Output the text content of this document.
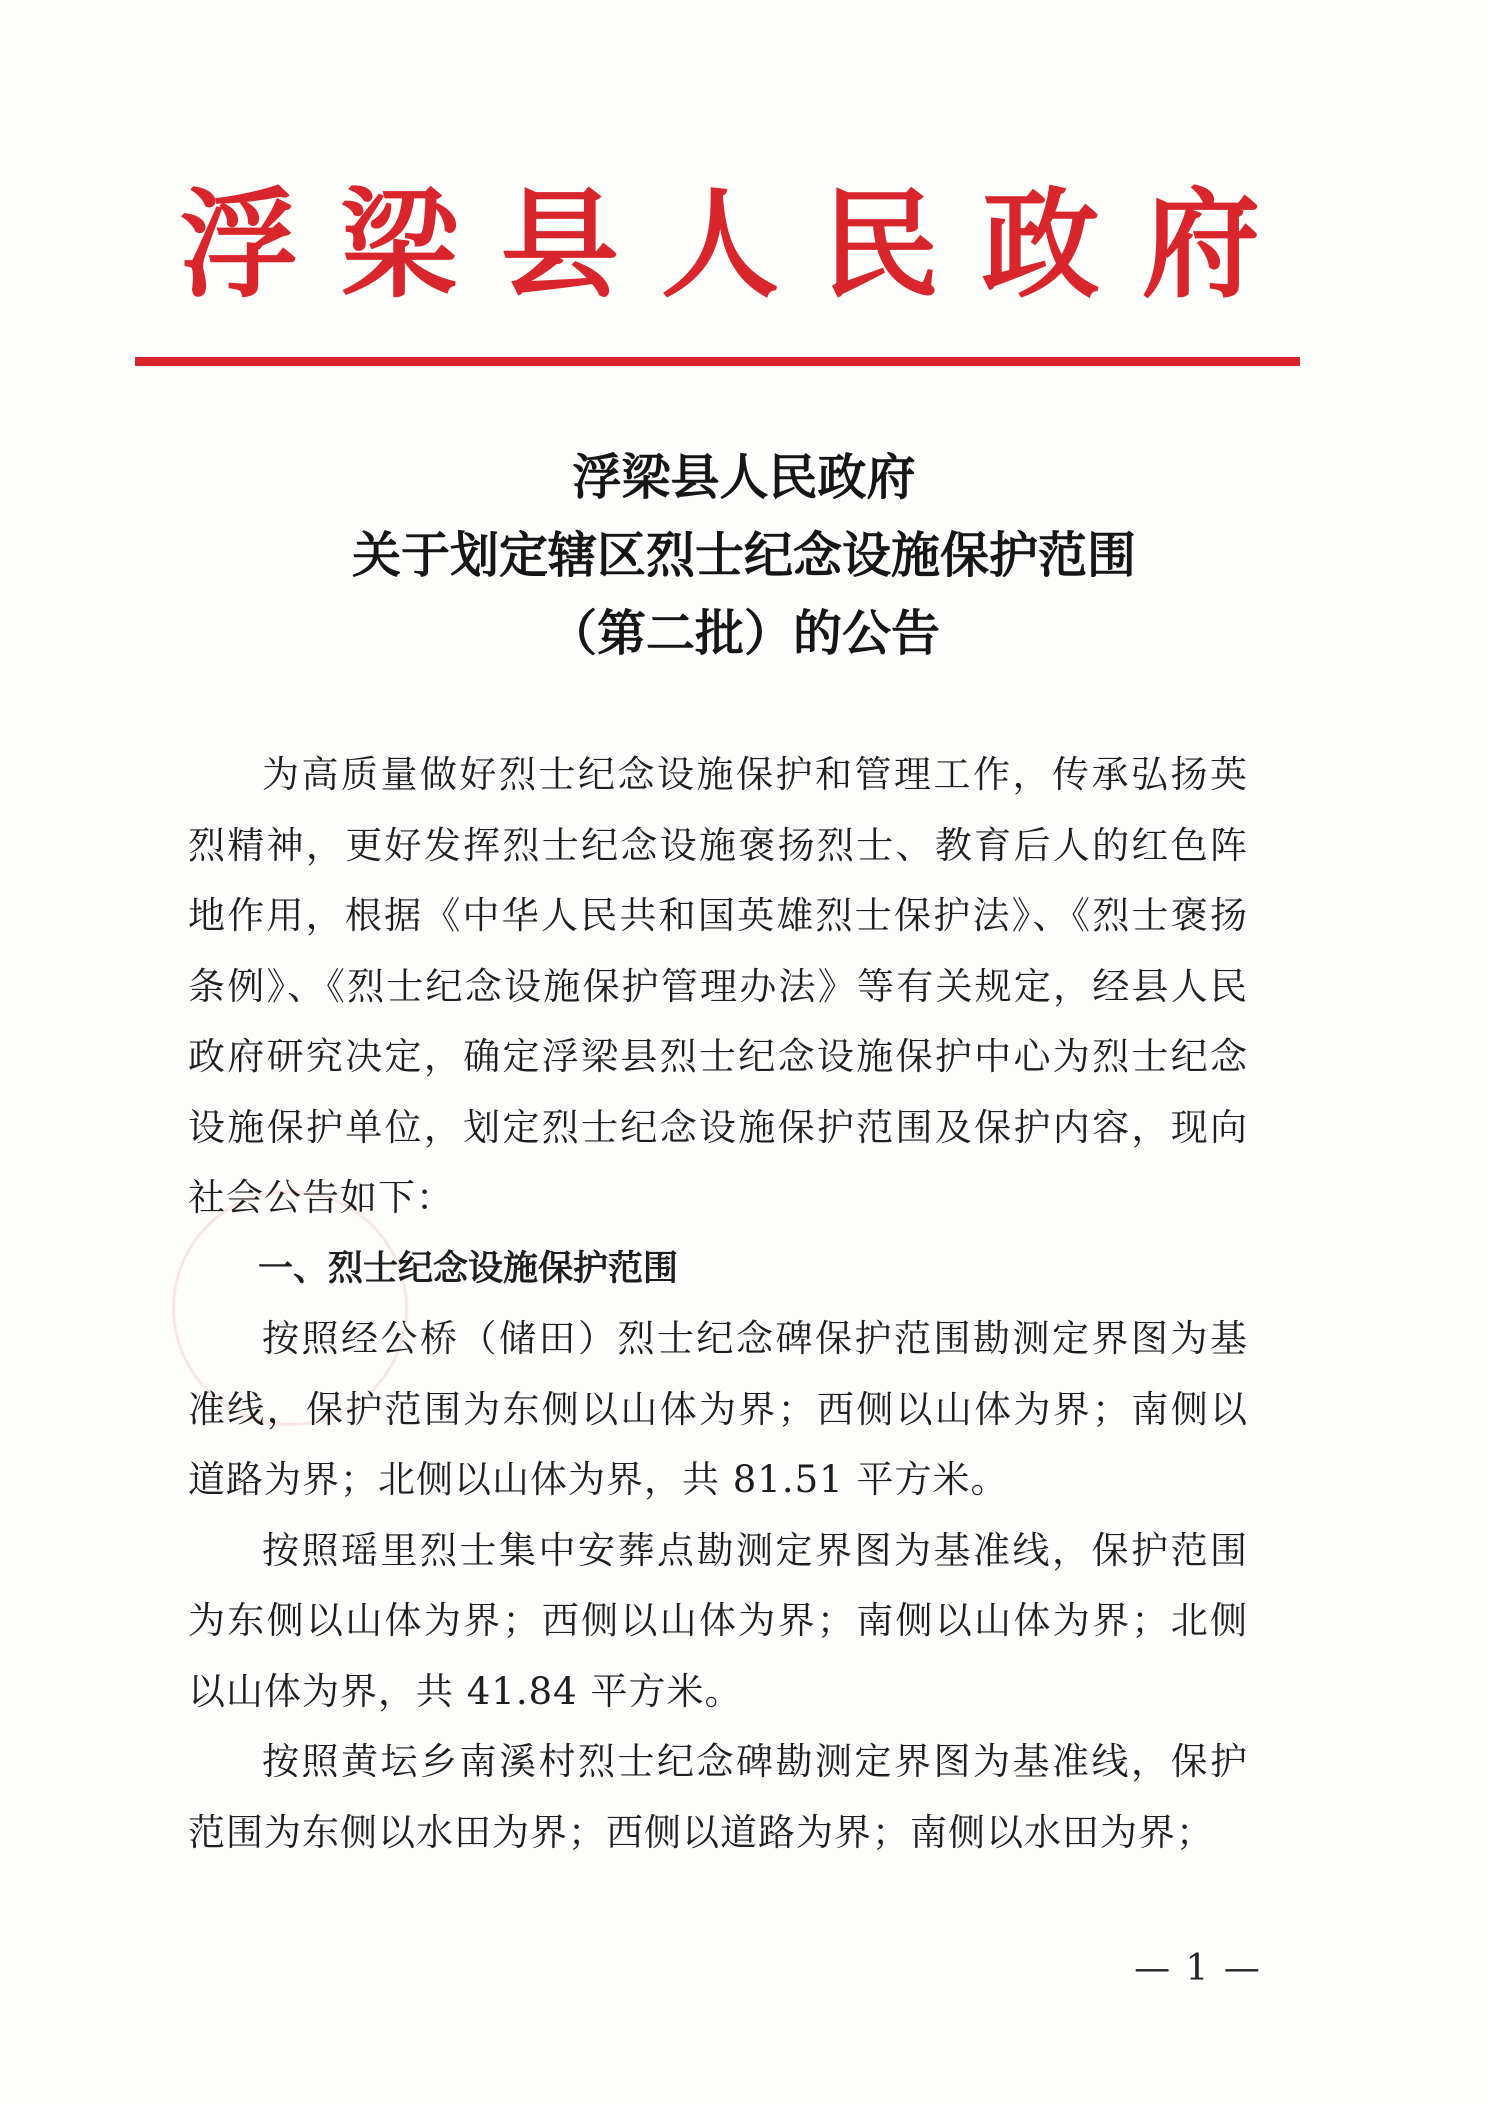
浮 梁 县 人 民 政 府
浮梁县人民政府
关于划定辖区烈士纪念设施保护范围
（第二批）的公告

为高质量做好烈士纪念设施保护和管理工作，传承弘扬英烈精神，更好发挥烈士纪念设施褒扬烈士、教育后人的红色阵地作用，根据《中华人民共和国英雄烈士保护法》、《烈士褒扬条例》、《烈士纪念设施保护管理办法》等有关规定，经县人民政府研究决定，确定浮梁县烈士纪念设施保护中心为烈士纪念设施保护单位，划定烈士纪念设施保护范围及保护内容，现向社会公告如下：

一、烈士纪念设施保护范围

按照经公桥（储田）烈士纪念碑保护范围勘测定界图为基准线，保护范围为东侧以山体为界；西侧以山体为界；南侧以道路为界；北侧以山体为界，共 81.51 平方米。

按照瑶里烈士集中安葬点勘测定界图为基准线，保护范围为东侧以山体为界；西侧以山体为界；南侧以山体为界；北侧以山体为界，共 41.84 平方米。

按照黄坛乡南溪村烈士纪念碑勘测定界图为基准线，保护范围为东侧以水田为界；西侧以道路为界；南侧以水田为界；

— 1 —
